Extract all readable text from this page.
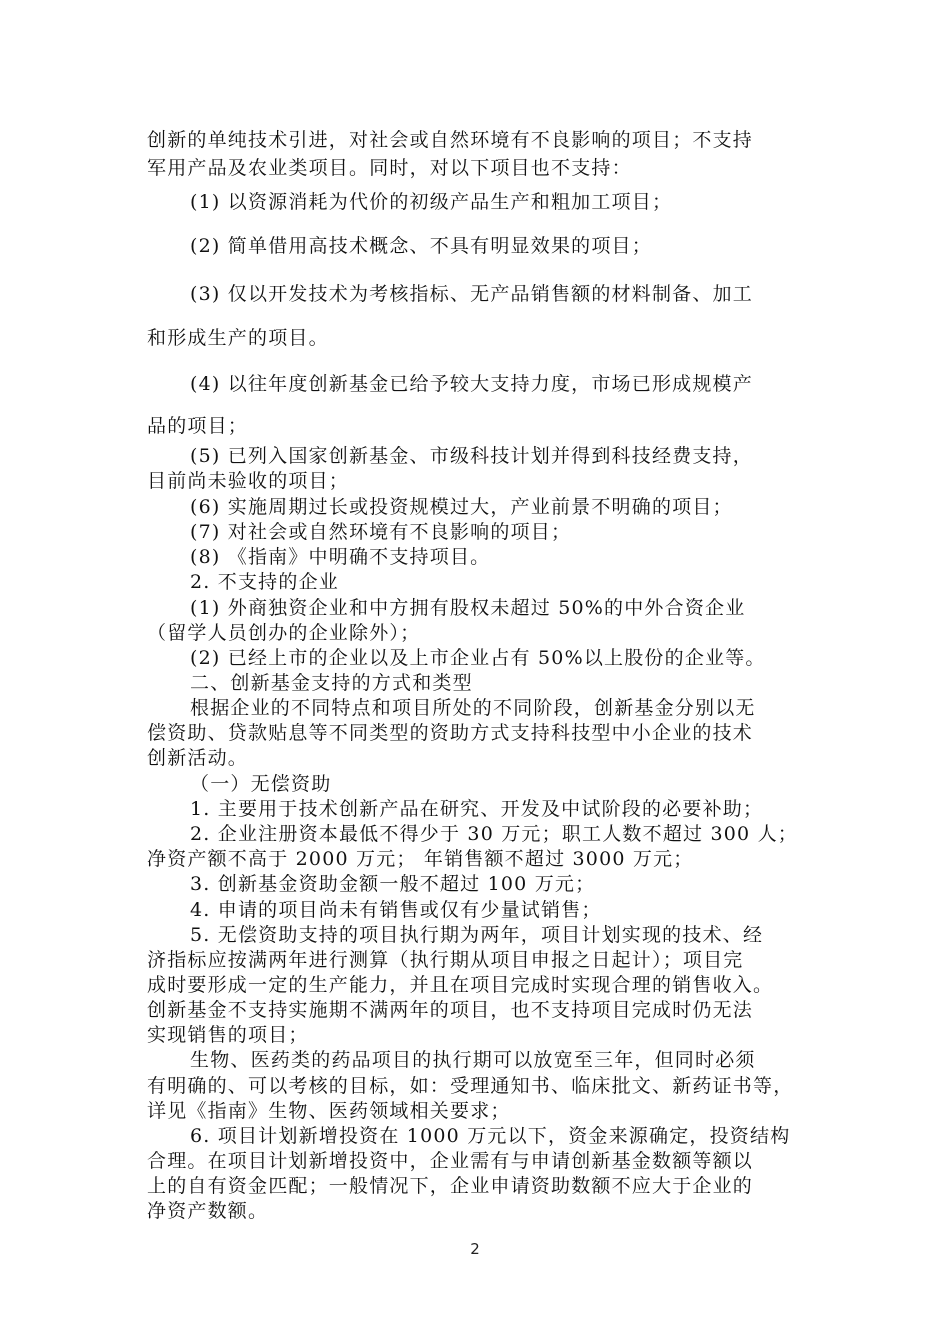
创新的单纯技术引进，对社会或自然环境有不良影响的项目；不支持
军用产品及农业类项目。同时，对以下项目也不支持：
(1) 以资源消耗为代价的初级产品生产和粗加工项目；
(2) 简单借用高技术概念、不具有明显效果的项目；
(3) 仅以开发技术为考核指标、无产品销售额的材料制备、加工
和形成生产的项目。
(4) 以往年度创新基金已给予较大支持力度，市场已形成规模产
品的项目；
(5) 已列入国家创新基金、市级科技计划并得到科技经费支持，
目前尚未验收的项目；
(6) 实施周期过长或投资规模过大，产业前景不明确的项目；
(7) 对社会或自然环境有不良影响的项目；
(8) 《指南》中明确不支持项目。
2. 不支持的企业
(1) 外商独资企业和中方拥有股权未超过 50%的中外合资企业
（留学人员创办的企业除外）；
(2) 已经上市的企业以及上市企业占有 50%以上股份的企业等。
二、创新基金支持的方式和类型
根据企业的不同特点和项目所处的不同阶段，创新基金分别以无
偿资助、贷款贴息等不同类型的资助方式支持科技型中小企业的技术
创新活动。
（一）无偿资助
1. 主要用于技术创新产品在研究、开发及中试阶段的必要补助；
2. 企业注册资本最低不得少于 30 万元；职工人数不超过 300 人；
净资产额不高于 2000 万元； 年销售额不超过 3000 万元；
3. 创新基金资助金额一般不超过 100 万元；
4. 申请的项目尚未有销售或仅有少量试销售；
5. 无偿资助支持的项目执行期为两年，项目计划实现的技术、经
济指标应按满两年进行测算（执行期从项目申报之日起计）；项目完
成时要形成一定的生产能力，并且在项目完成时实现合理的销售收入。
创新基金不支持实施期不满两年的项目，也不支持项目完成时仍无法
实现销售的项目；
生物、医药类的药品项目的执行期可以放宽至三年，但同时必须
有明确的、可以考核的目标，如：受理通知书、临床批文、新药证书等，
详见《指南》生物、医药领域相关要求；
6. 项目计划新增投资在 1000 万元以下，资金来源确定，投资结构
合理。在项目计划新增投资中，企业需有与申请创新基金数额等额以
上的自有资金匹配；一般情况下，企业申请资助数额不应大于企业的
净资产数额。
2
